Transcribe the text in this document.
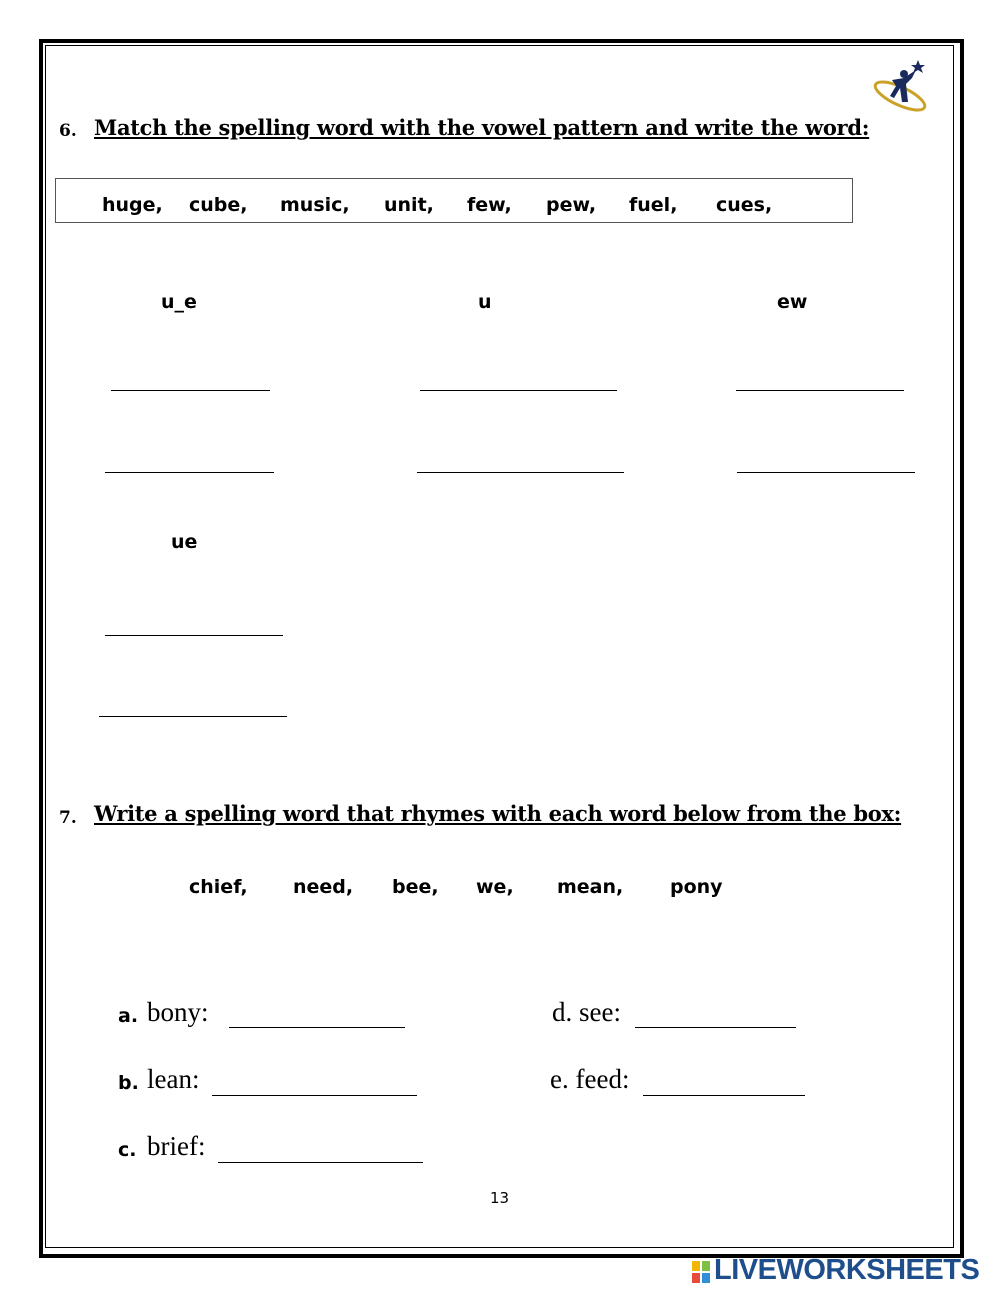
6. Match the spelling word with the vowel pattern and write the word:
huge, cube, music, unit, few, pew, fuel, cues,
u_e	u	ew
ue
7. Write a spelling word that rhymes with each word below from the box:
chief, need, bee, we, mean, pony
a. bony:	d. see:
b. lean:	e. feed:
c. brief:
13
LIVEWORKSHEETS
